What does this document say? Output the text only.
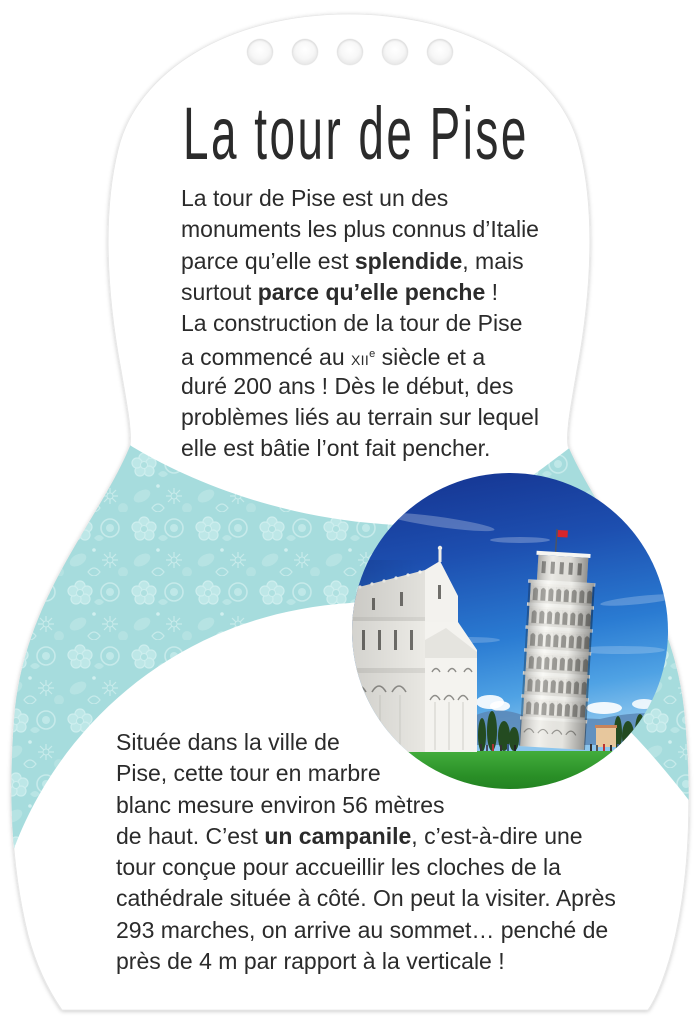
La tour de Pise
La tour de Pise est un des
monuments les plus connus d’Italie
parce qu’elle est splendide, mais
surtout parce qu’elle penche !
La construction de la tour de Pise
a commencé au XIIe siècle et a
duré 200 ans ! Dès le début, des
problèmes liés au terrain sur lequel
elle est bâtie l’ont fait pencher.
Située dans la ville de
Pise, cette tour en marbre
blanc mesure environ 56 mètres
de haut. C’est un campanile, c’est-à-dire une
tour conçue pour accueillir les cloches de la
cathédrale située à côté. On peut la visiter. Après
293 marches, on arrive au sommet… penché de
près de 4 m par rapport à la verticale !
